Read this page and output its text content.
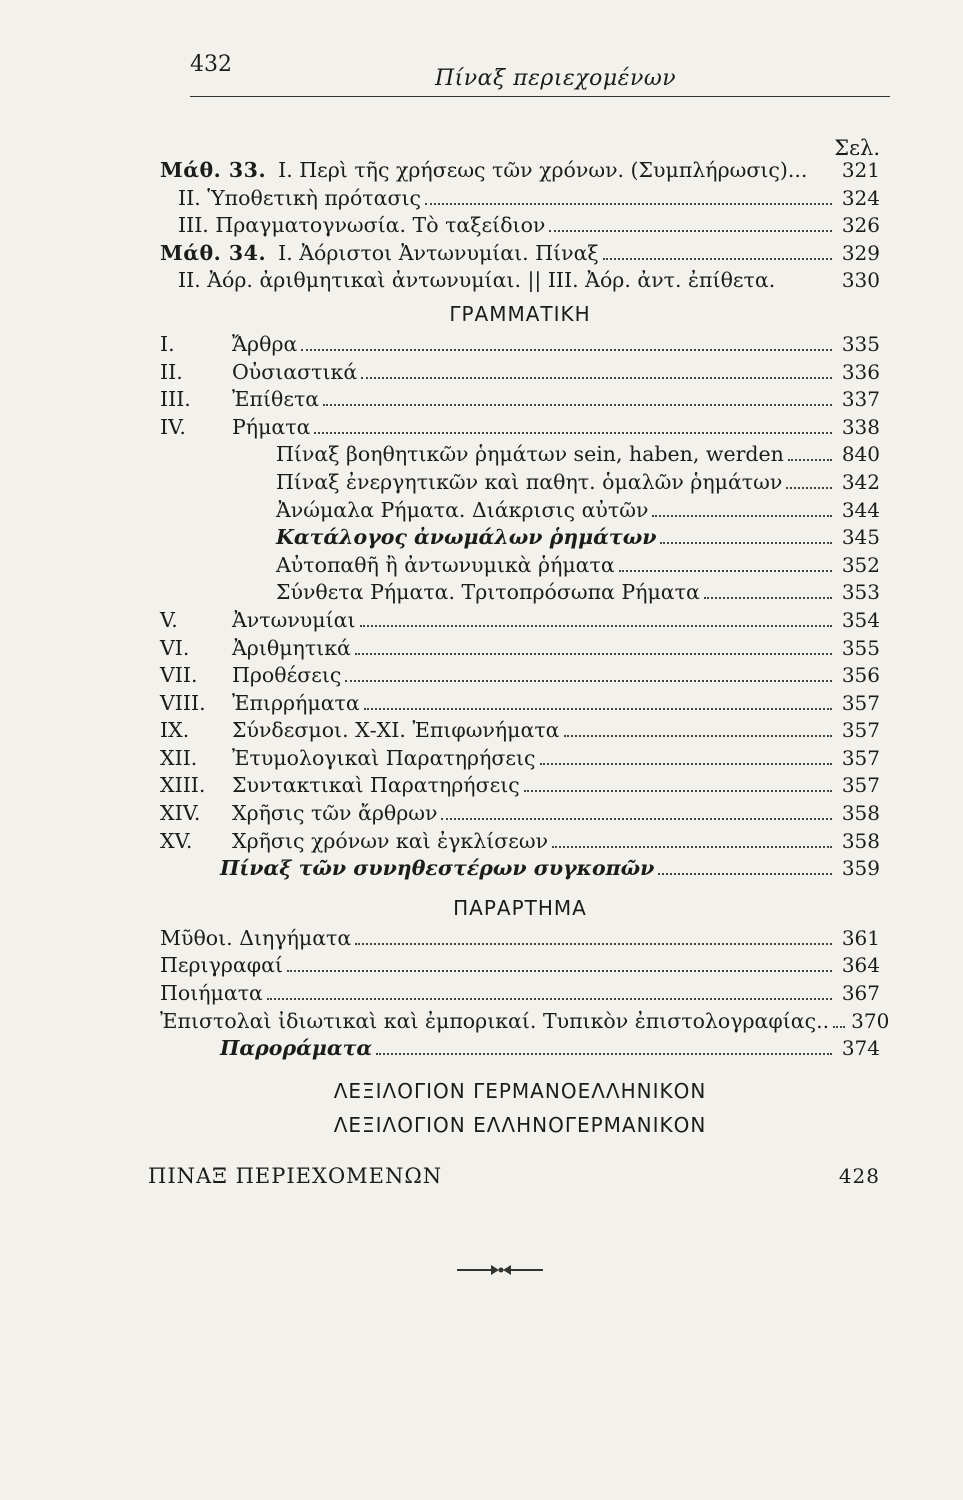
432
Πίναξ περιεχομένων
Σελ.
Μάθ. 33. Ι. Περὶ τῆς χρήσεως τῶν χρόνων. (Συμπλήρωσις)... 321
ΙΙ. Ὑποθετικὴ πρότασις	324
ΙΙΙ. Πραγματογνωσία. Τὸ ταξείδιον	326
Μάθ. 34. Ι. Ἀόριστοι Ἀντωνυμίαι. Πίναξ	329
ΙΙ. Ἀόρ. ἀριθμητικαὶ ἀντωνυμίαι. || ΙΙΙ. Ἀόρ. ἀντ. ἐπίθετα.	330
ΓΡΑΜΜΑΤΙΚΗ
Ι.	Ἄρθρα	335
ΙΙ.	Οὐσιαστικά	336
ΙΙΙ.	Ἐπίθετα	337
ΙV.	Ρήματα	338
Πίναξ βοηθητικῶν ῥημάτων sein, haben, werden	840
Πίναξ ἐνεργητικῶν καὶ παθητ. ὁμαλῶν ῥημάτων	342
Ἀνώμαλα Ρήματα. Διάκρισις αὐτῶν	344
Κατάλογος ἀνωμάλων ῥημάτων	345
Αὐτοπαθῆ ἢ ἀντωνυμικὰ ῥήματα	352
Σύνθετα Ρήματα. Τριτοπρόσωπα Ρήματα	353
V.	Ἀντωνυμίαι	354
VΙ.	Ἀριθμητικά	355
VΙΙ.	Προθέσεις	356
VΙΙΙ.	Ἐπιρρήματα	357
ΙΧ.	Σύνδεσμοι. Χ-ΧΙ. Ἐπιφωνήματα	357
ΧΙΙ.	Ἐτυμολογικαὶ Παρατηρήσεις	357
ΧΙΙΙ.	Συντακτικαὶ Παρατηρήσεις	357
ΧΙV.	Χρῆσις τῶν ἄρθρων	358
ΧV.	Χρῆσις χρόνων καὶ ἐγκλίσεων	358
Πίναξ τῶν συνηθεστέρων συγκοπῶν	359
ΠΑΡΑΡΤΗΜΑ
Μῦθοι. Διηγήματα	361
Περιγραφαί	364
Ποιήματα	367
Ἐπιστολαὶ ἰδιωτικαὶ καὶ ἐμπορικαί. Τυπικὸν ἐπιστολογραφίας.. 370
Παροράματα	374
ΛΕΞΙΛΟΓΙΟΝ ΓΕΡΜΑΝΟΕΛΛΗΝΙΚΟΝ
ΛΕΞΙΛΟΓΙΟΝ ΕΛΛΗΝΟΓΕΡΜΑΝΙΚΟΝ
ΠΙΝΑΞ ΠΕΡΙΕΧΟΜΕΝΩΝ	428
